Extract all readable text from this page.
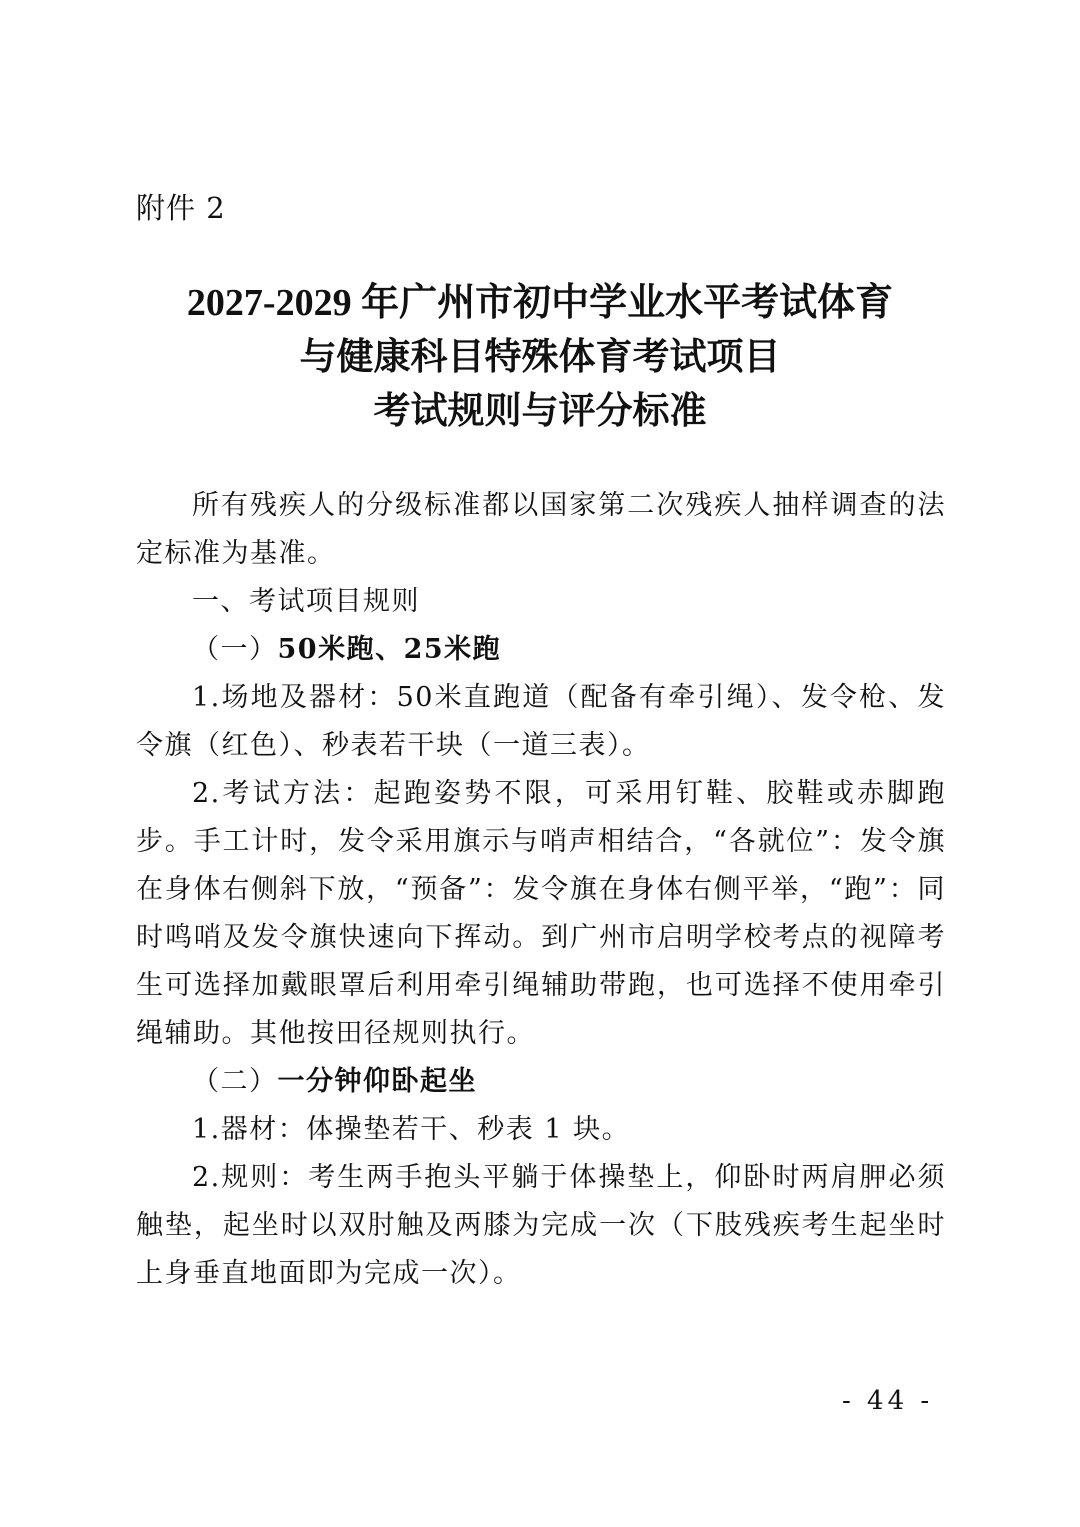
附件 2
2027-2029 年广州市初中学业水平考试体育
与健康科目特殊体育考试项目
考试规则与评分标准

所有残疾人的分级标准都以国家第二次残疾人抽样调查的法定标准为基准。

一、考试项目规则

（一）50米跑、25米跑

1.场地及器材：50米直跑道（配备有牵引绳）、发令枪、发令旗（红色）、秒表若干块（一道三表）。

2.考试方法：起跑姿势不限，可采用钉鞋、胶鞋或赤脚跑步。手工计时，发令采用旗示与哨声相结合，“各就位”：发令旗在身体右侧斜下放，“预备”：发令旗在身体右侧平举，“跑”：同时鸣哨及发令旗快速向下挥动。到广州市启明学校考点的视障考生可选择加戴眼罩后利用牵引绳辅助带跑，也可选择不使用牵引绳辅助。其他按田径规则执行。

（二）一分钟仰卧起坐

1.器材：体操垫若干、秒表 1 块。

2.规则：考生两手抱头平躺于体操垫上，仰卧时两肩胛必须触垫，起坐时以双肘触及两膝为完成一次（下肢残疾考生起坐时上身垂直地面即为完成一次）。

- 44 -
